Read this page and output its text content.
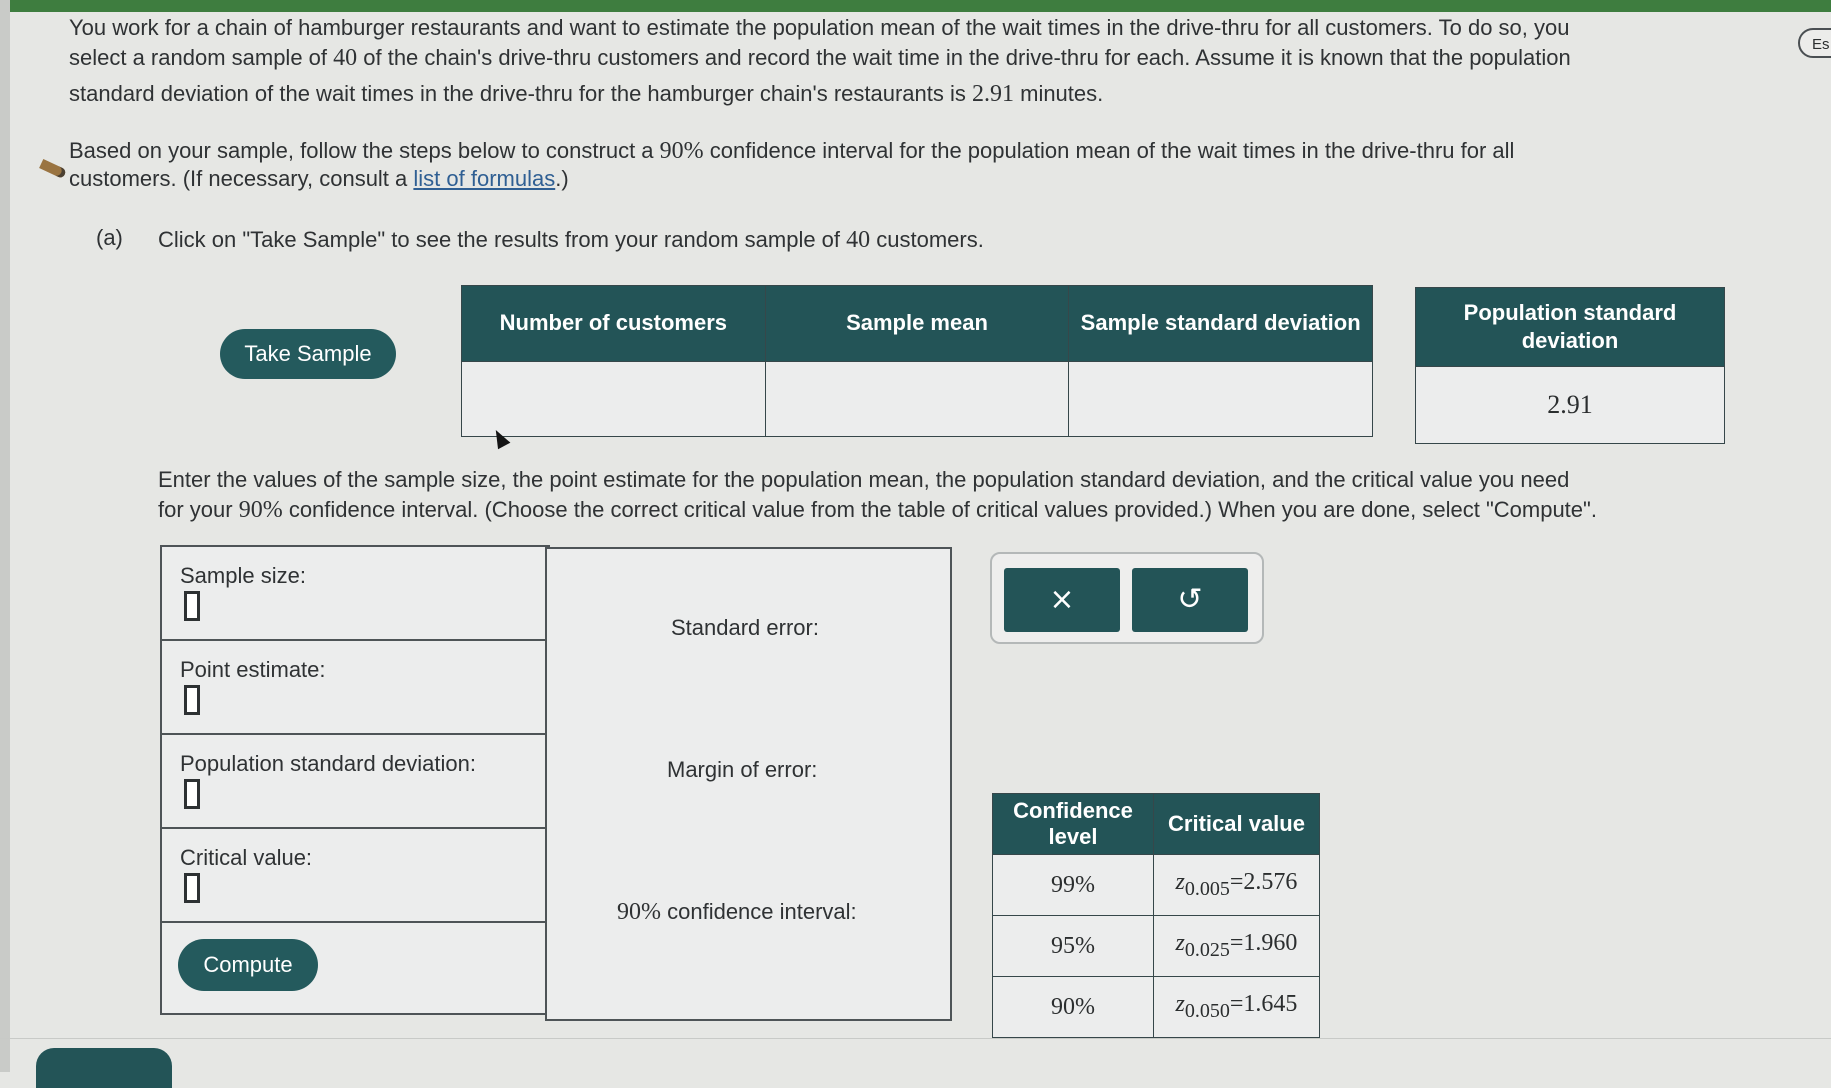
Es
You work for a chain of hamburger restaurants and want to estimate the population mean of the wait times in the drive-thru for all customers. To do so, you
select a random sample of 40 of the chain's drive-thru customers and record the wait time in the drive-thru for each. Assume it is known that the population
standard deviation of the wait times in the drive-thru for the hamburger chain's restaurants is 2.91 minutes.
Based on your sample, follow the steps below to construct a 90% confidence interval for the population mean of the wait times in the drive-thru for all
customers. (If necessary, consult a list of formulas.)
(a) Click on "Take Sample" to see the results from your random sample of 40 customers.
Take Sample
Number of customers	Sample mean	Sample standard deviation
			Population standard deviation
2.91
Enter the values of the sample size, the point estimate for the population mean, the population standard deviation, and the critical value you need
for your 90% confidence interval. (Choose the correct critical value from the table of critical values provided.) When you are done, select "Compute".
Sample size:
Point estimate:
Population standard deviation:
Critical value:
Compute
Standard error:
Margin of error:
90% confidence interval:
×	↺
Confidence level	Critical value
99%	$z_{0.005}=2.576$
95%	$z_{0.025}=1.960$
90%	$z_{0.050}=1.645$
